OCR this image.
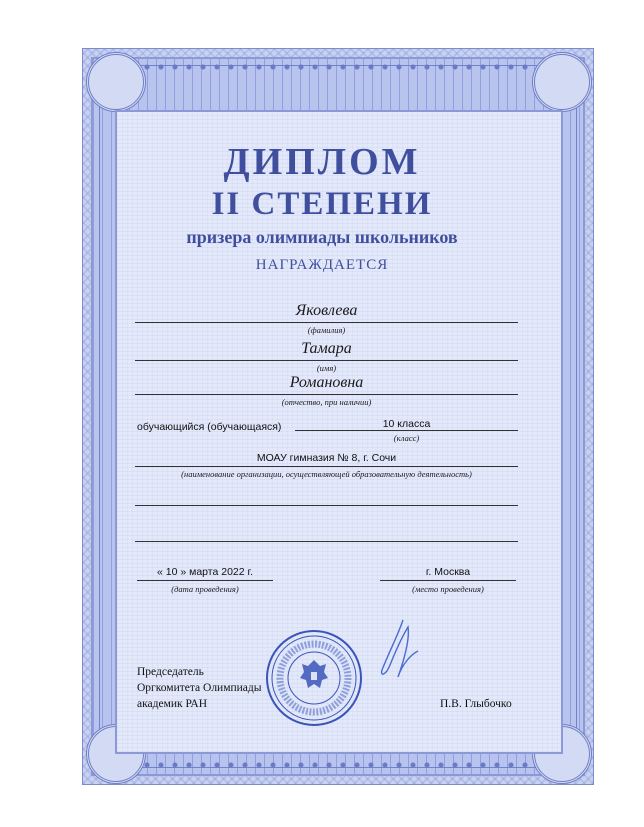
ДИПЛОМ
II СТЕПЕНИ
призера олимпиады школьников
НАГРАЖДАЕТСЯ
Яковлева
(фамилия)
Тамара
(имя)
Романовна
(отчество, при наличии)
обучающийся (обучающаяся)	10 класса
(класс)
МОАУ гимназия № 8, г. Сочи
(наименование организации, осуществляющей образовательную деятельность)
« 10 » марта 2022 г.
(дата проведения)
г. Москва
(место проведения)
Председатель
Оргкомитета Олимпиады
академик РАН	П.В. Глыбочко
